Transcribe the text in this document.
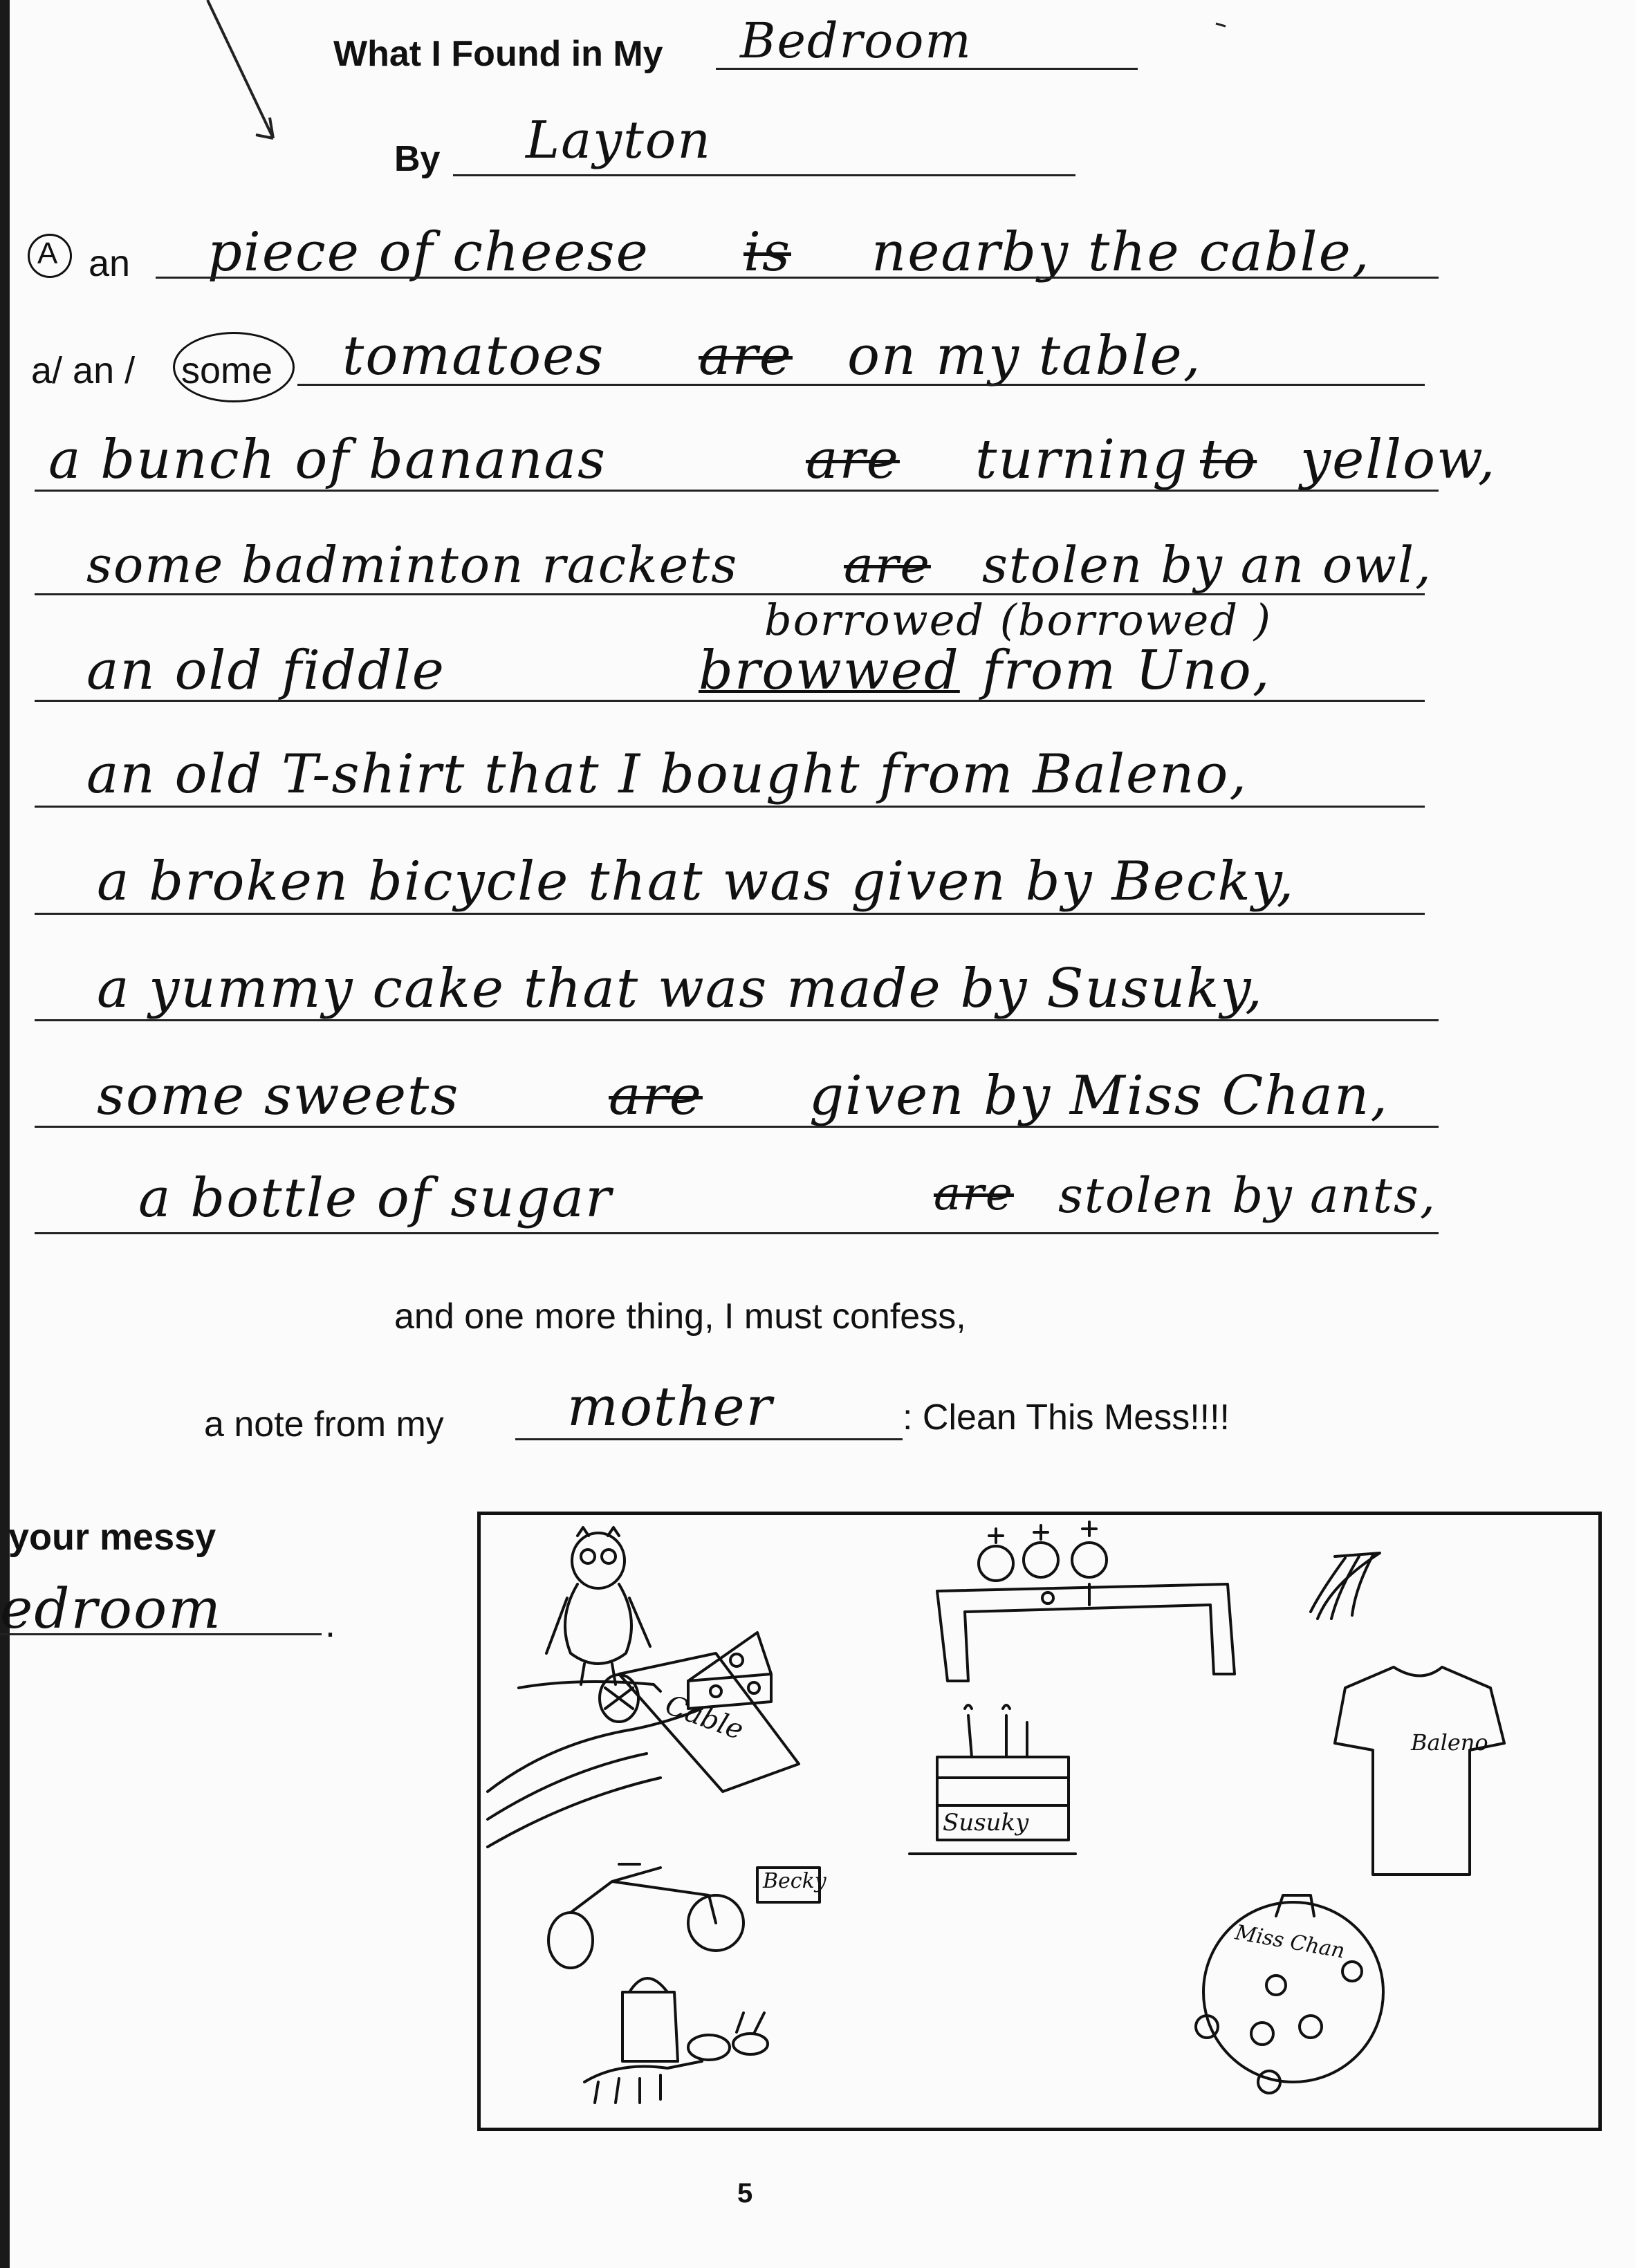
What I Found in My Bedroom
By Layton
A an piece of cheese is nearby the cable,
a/ an / some tomatoes are on my table,
a bunch of bananas	are turning to yellow,
some badminton rackets are stolen by an owl,
borrowed (borrowed )
an old fiddle	browwed from Uno,
an old T-shirt that I bought from Baleno,
a broken bicycle that was given by Becky,
a yummy cake that was made by Susuky,
some sweets	are given by Miss Chan,
a bottle of sugar	are stolen by ants,
and one more thing, I must confess,
a note from my mother	: Clean This Mess!!!!
your messy
edroom	.
Cable
Susuky
Becky
Baleno
Miss Chan
5
